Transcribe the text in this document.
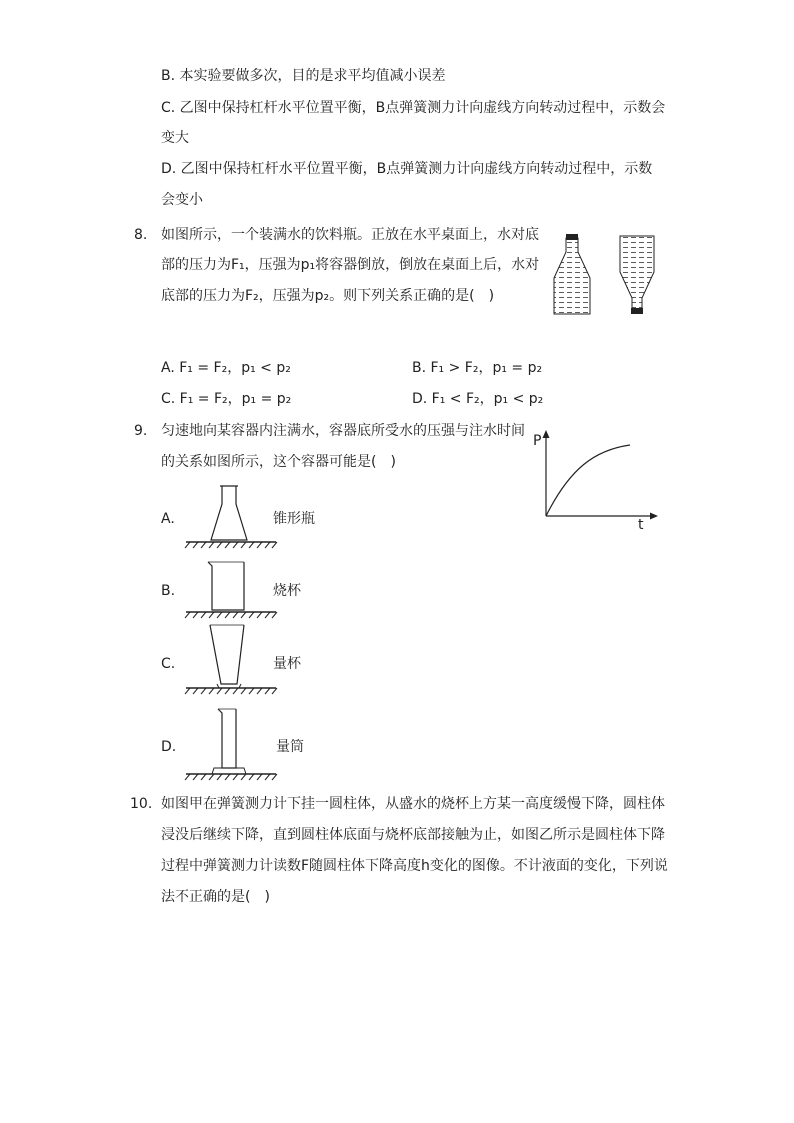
B. 本实验要做多次，目的是求平均值减小误差
C. 乙图中保持杠杆水平位置平衡，B点弹簧测力计向虚线方向转动过程中，示数会
变大
D. 乙图中保持杠杆水平位置平衡，B点弹簧测力计向虚线方向转动过程中，示数
会变小
8. 如图所示，一个装满水的饮料瓶。正放在水平桌面上，水对底
部的压力为F₁，压强为p₁将容器倒放，倒放在桌面上后，水对
底部的压力为F₂，压强为p₂。则下列关系正确的是(　)
A. F₁ = F₂，p₁ < p₂	B. F₁ > F₂，p₁ = p₂
C. F₁ = F₂，p₁ = p₂	D. F₁ < F₂，p₁ < p₂
9. 匀速地向某容器内注满水，容器底所受水的压强与注水时间
的关系如图所示，这个容器可能是(　)
P
t
A.	锥形瓶
B.	烧杯
C.	量杯
D.	量筒
10. 如图甲在弹簧测力计下挂一圆柱体，从盛水的烧杯上方某一高度缓慢下降，圆柱体
浸没后继续下降，直到圆柱体底面与烧杯底部接触为止，如图乙所示是圆柱体下降
过程中弹簧测力计读数F随圆柱体下降高度h变化的图像。不计液面的变化，下列说
法不正确的是(　)
